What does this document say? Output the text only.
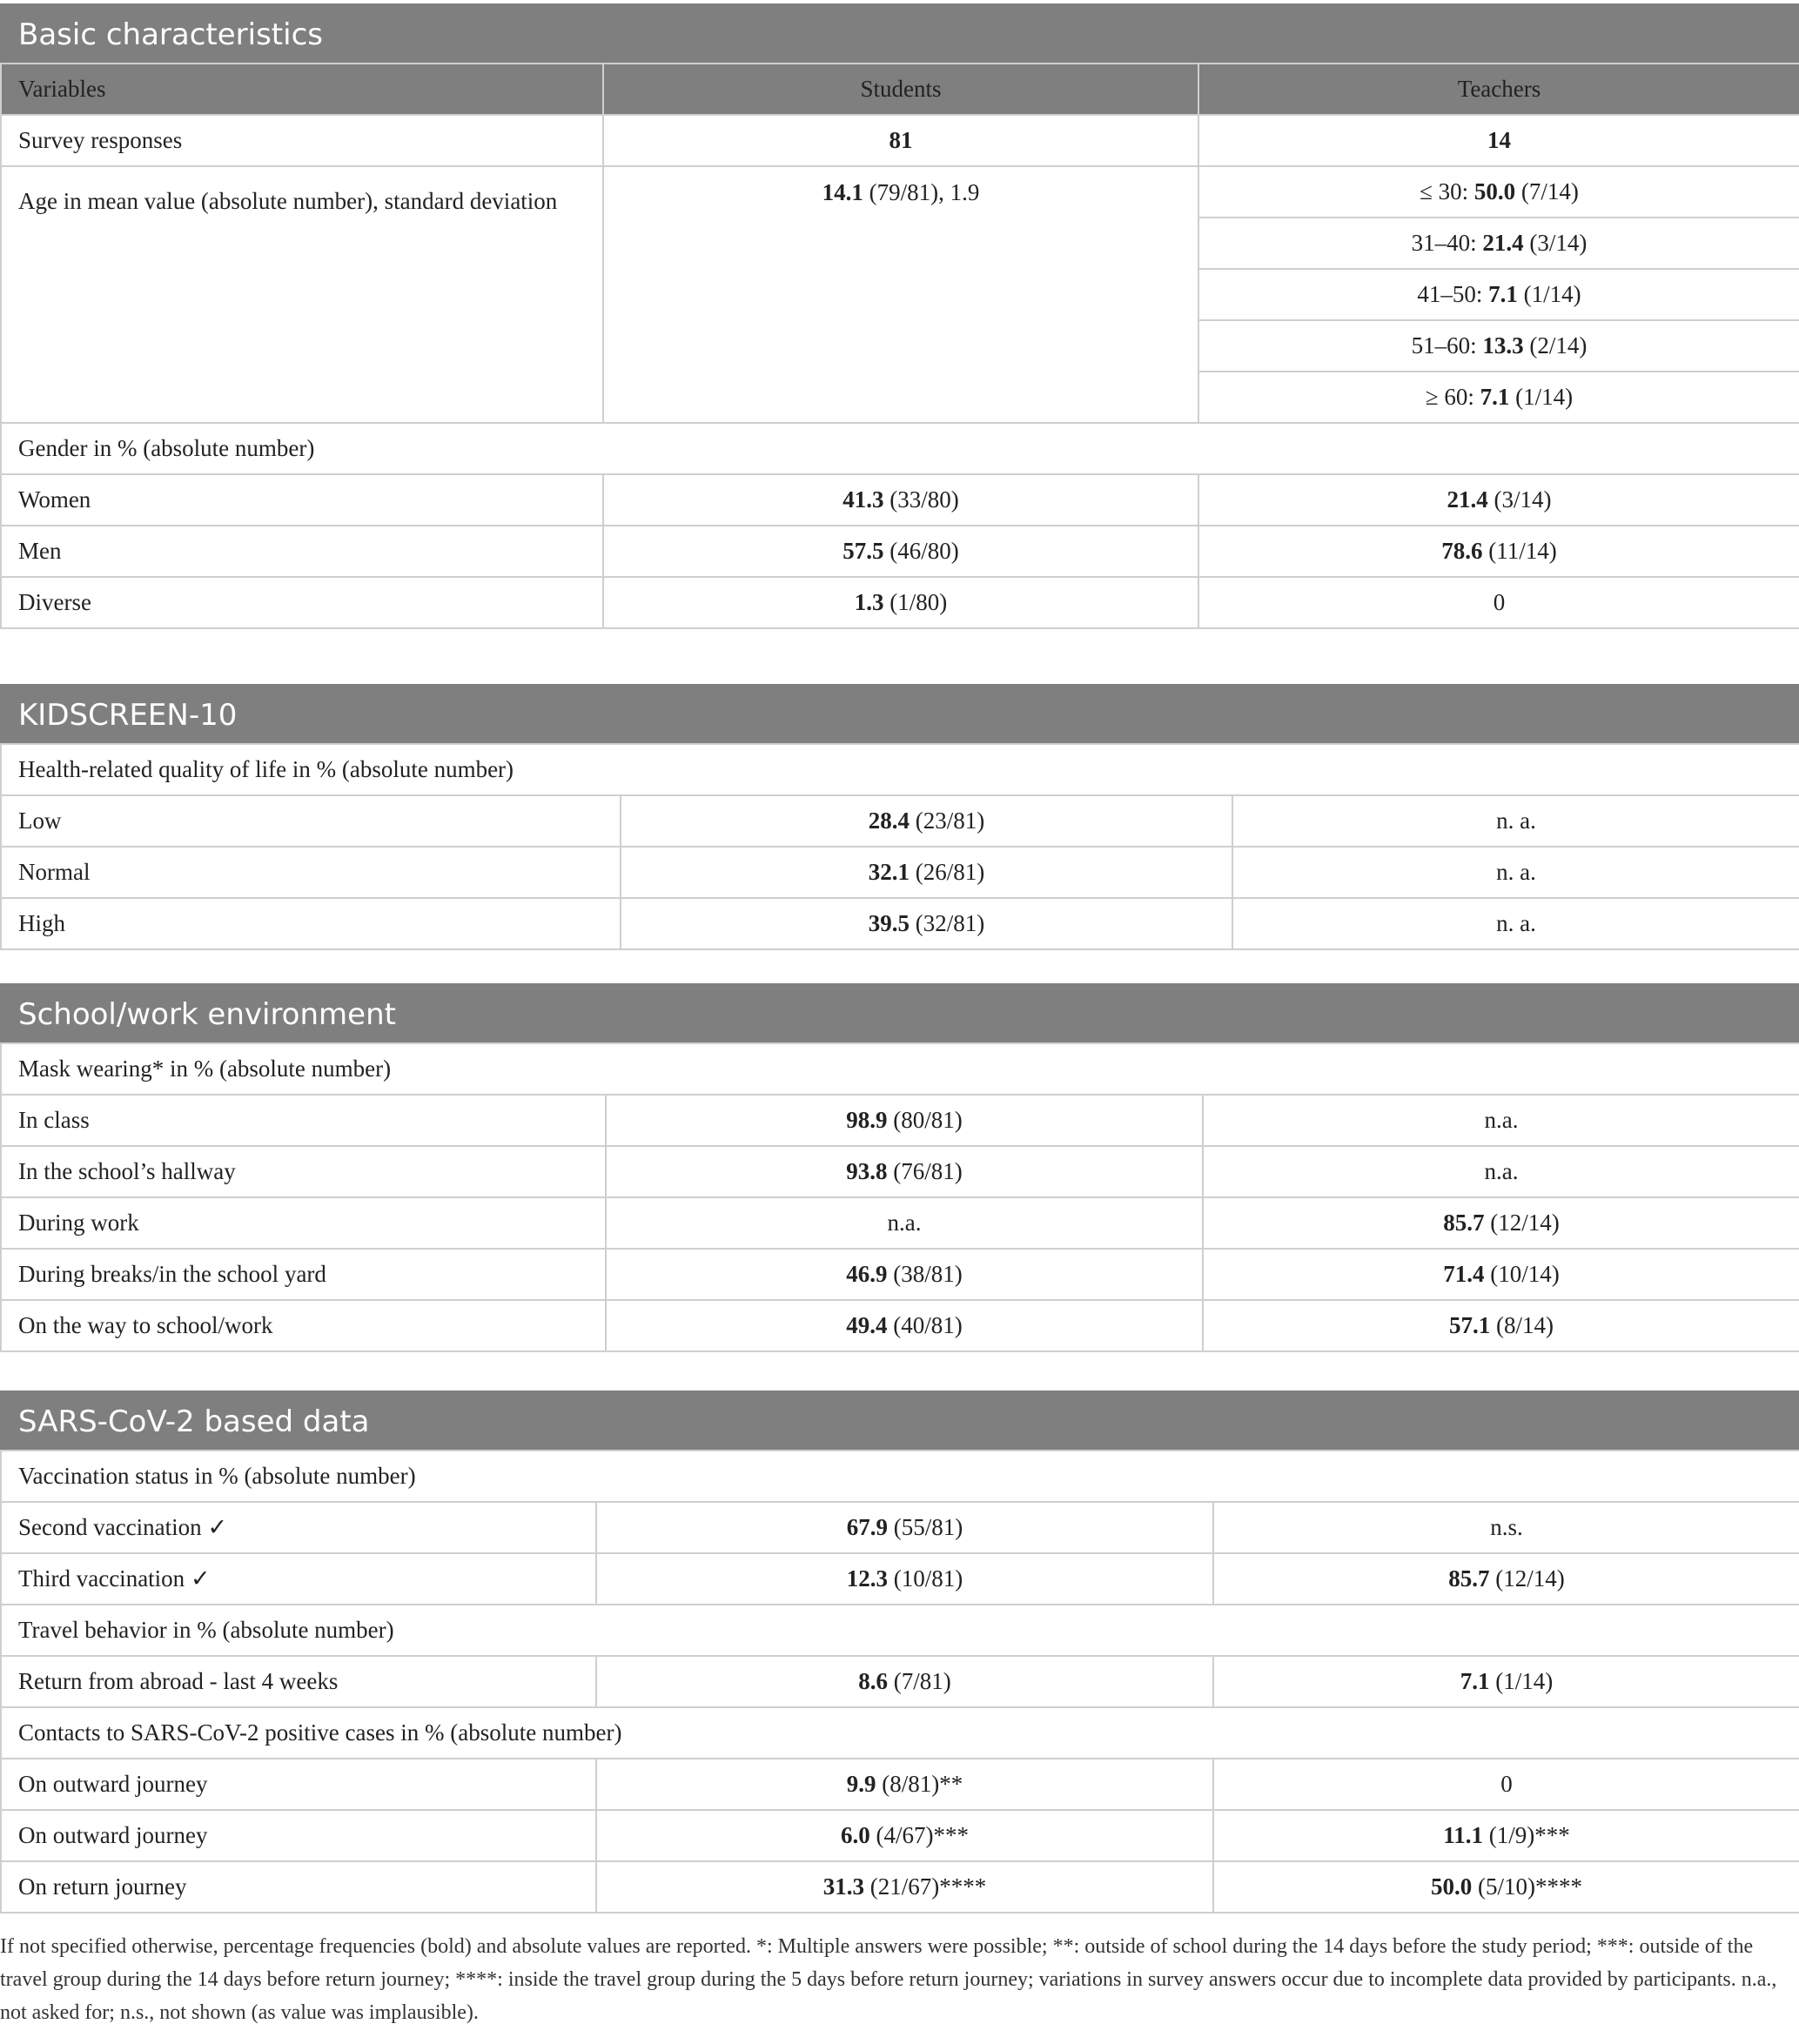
Basic characteristics
Variables	Students	Teachers
Survey responses	81	14
Age in mean value (absolute number), standard deviation	14.1 (79/81), 1.9	≤ 30: 50.0 (7/14)
		31–40: 21.4 (3/14)
		41–50: 7.1 (1/14)
		51–60: 13.3 (2/14)
		≥ 60: 7.1 (1/14)
Gender in % (absolute number)		
Women	41.3 (33/80)	21.4 (3/14)
Men	57.5 (46/80)	78.6 (11/14)
Diverse	1.3 (1/80)	0
KIDSCREEN-10
Health-related quality of life in % (absolute number)		
Low	28.4 (23/81)	n. a.
Normal	32.1 (26/81)	n. a.
High	39.5 (32/81)	n. a.
School/work environment
Mask wearing* in % (absolute number)		
In class	98.9 (80/81)	n.a.
In the school’s hallway	93.8 (76/81)	n.a.
During work	n.a.	85.7 (12/14)
During breaks/in the school yard	46.9 (38/81)	71.4 (10/14)
On the way to school/work	49.4 (40/81)	57.1 (8/14)
SARS-CoV-2 based data
Vaccination status in % (absolute number)		
Second vaccination ✓	67.9 (55/81)	n.s.
Third vaccination ✓	12.3 (10/81)	85.7 (12/14)
Travel behavior in % (absolute number)		
Return from abroad - last 4 weeks	8.6 (7/81)	7.1 (1/14)
Contacts to SARS-CoV-2 positive cases in % (absolute number)		
On outward journey	9.9 (8/81)**	0
On outward journey	6.0 (4/67)***	11.1 (1/9)***
On return journey	31.3 (21/67)****	50.0 (5/10)****
If not specified otherwise, percentage frequencies (bold) and absolute values are reported. *: Multiple answers were possible; **: outside of school during the 14 days before the study period; ***: outside of the travel group during the 14 days before return journey; ****: inside the travel group during the 5 days before return journey; variations in survey answers occur due to incomplete data provided by participants. n.a., not asked for; n.s., not shown (as value was implausible).
